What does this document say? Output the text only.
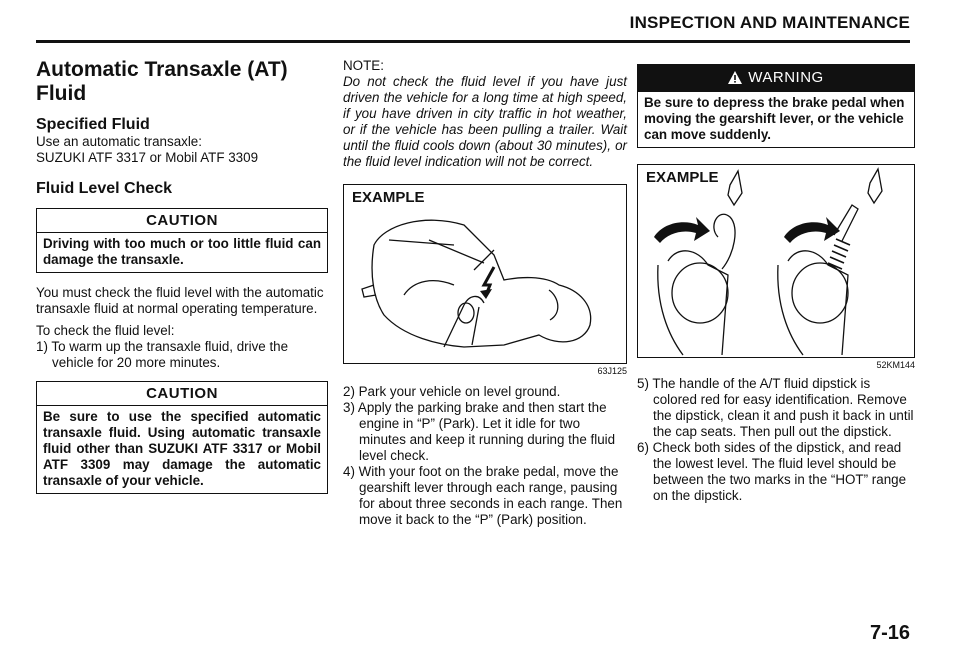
INSPECTION AND MAINTENANCE
Automatic Transaxle (AT) Fluid
Specified Fluid

Use an automatic transaxle:

SUZUKI ATF 3317 or Mobil ATF 3309

Fluid Level Check
CAUTION
Driving with too much or too little fluid can damage the transaxle.

You must check the fluid level with the automatic transaxle fluid at normal operating temperature.

To check the fluid level:

1) To warm up the transaxle fluid, drive the vehicle for 20 more minutes.
CAUTION
Be sure to use the specified automatic transaxle fluid. Using automatic transaxle fluid other than SUZUKI ATF 3317 or Mobil ATF 3309 may damage the automatic transaxle of your vehicle.

NOTE:

Do not check the fluid level if you have just driven the vehicle for a long time at high speed, if you have driven in city traffic in hot weather, or if the vehicle has been pulling a trailer. Wait until the fluid cools down (about 30 minutes), or the fluid level indication will not be correct.

EXAMPLE
63J125
2) Park your vehicle on level ground.
3) Apply the parking brake and then start the engine in “P” (Park). Let it idle for two minutes and keep it running during the fluid level check.
4) With your foot on the brake pedal, move the gearshift lever through each range, pausing for about three seconds in each range. Then move it back to the “P” (Park) position.
WARNING
Be sure to depress the brake pedal when moving the gearshift lever, or the vehicle can move suddenly.
EXAMPLE
52KM144
5) The handle of the A/T fluid dipstick is colored red for easy identification. Remove the dipstick, clean it and push it back in until the cap seats. Then pull out the dipstick.
6) Check both sides of the dipstick, and read the lowest level. The fluid level should be between the two marks in the “HOT” range on the dipstick.
7-16
